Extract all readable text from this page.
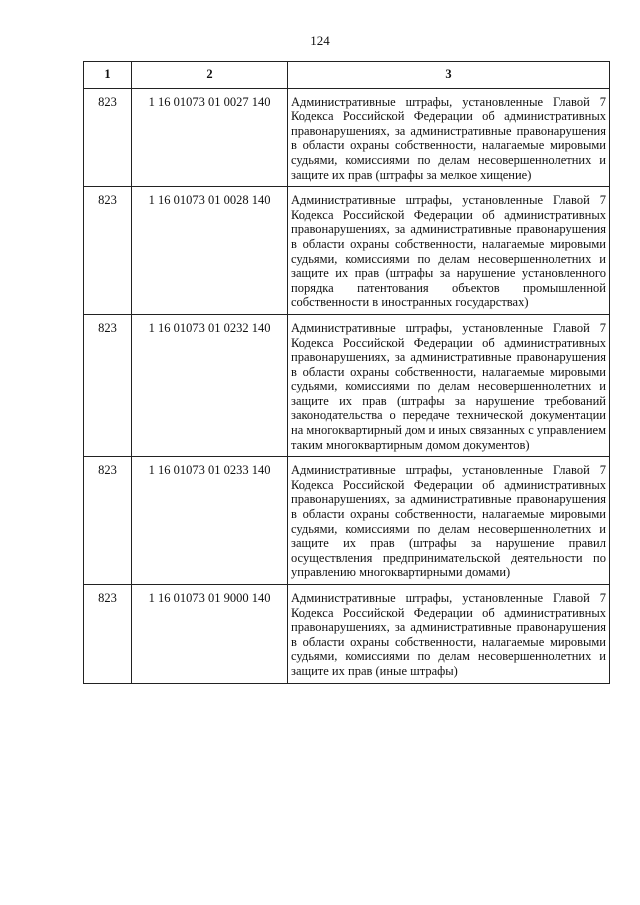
124
1	2	3
823	1 16 01073 01 0027 140	Административные штрафы, установленные Главой 7 Кодекса Российской Федерации об административных правонарушениях, за административные правонарушения в области охраны собственности, налагаемые мировыми судьями, комиссиями по делам несовершеннолетних и защите их прав (штрафы за мелкое хищение)
823	1 16 01073 01 0028 140	Административные штрафы, установленные Главой 7 Кодекса Российской Федерации об административных правонарушениях, за административные правонарушения в области охраны собственности, налагаемые мировыми судьями, комиссиями по делам несовершеннолетних и защите их прав (штрафы за нарушение установленного порядка патентования объектов промышленной собственности в иностранных государствах)
823	1 16 01073 01 0232 140	Административные штрафы, установленные Главой 7 Кодекса Российской Федерации об административных правонарушениях, за административные правонарушения в области охраны собственности, налагаемые мировыми судьями, комиссиями по делам несовершеннолетних и защите их прав (штрафы за нарушение требований законодательства о передаче технической документации на многоквартирный дом и иных связанных с управлением таким многоквартирным домом документов)
823	1 16 01073 01 0233 140	Административные штрафы, установленные Главой 7 Кодекса Российской Федерации об административных правонарушениях, за административные правонарушения в области охраны собственности, налагаемые мировыми судьями, комиссиями по делам несовершеннолетних и защите их прав (штрафы за нарушение правил осуществления предпринимательской деятельности по управлению многоквартирными домами)
823	1 16 01073 01 9000 140	Административные штрафы, установленные Главой 7 Кодекса Российской Федерации об административных правонарушениях, за административные правонарушения в области охраны собственности, налагаемые мировыми судьями, комиссиями по делам несовершеннолетних и защите их прав (иные штрафы)
